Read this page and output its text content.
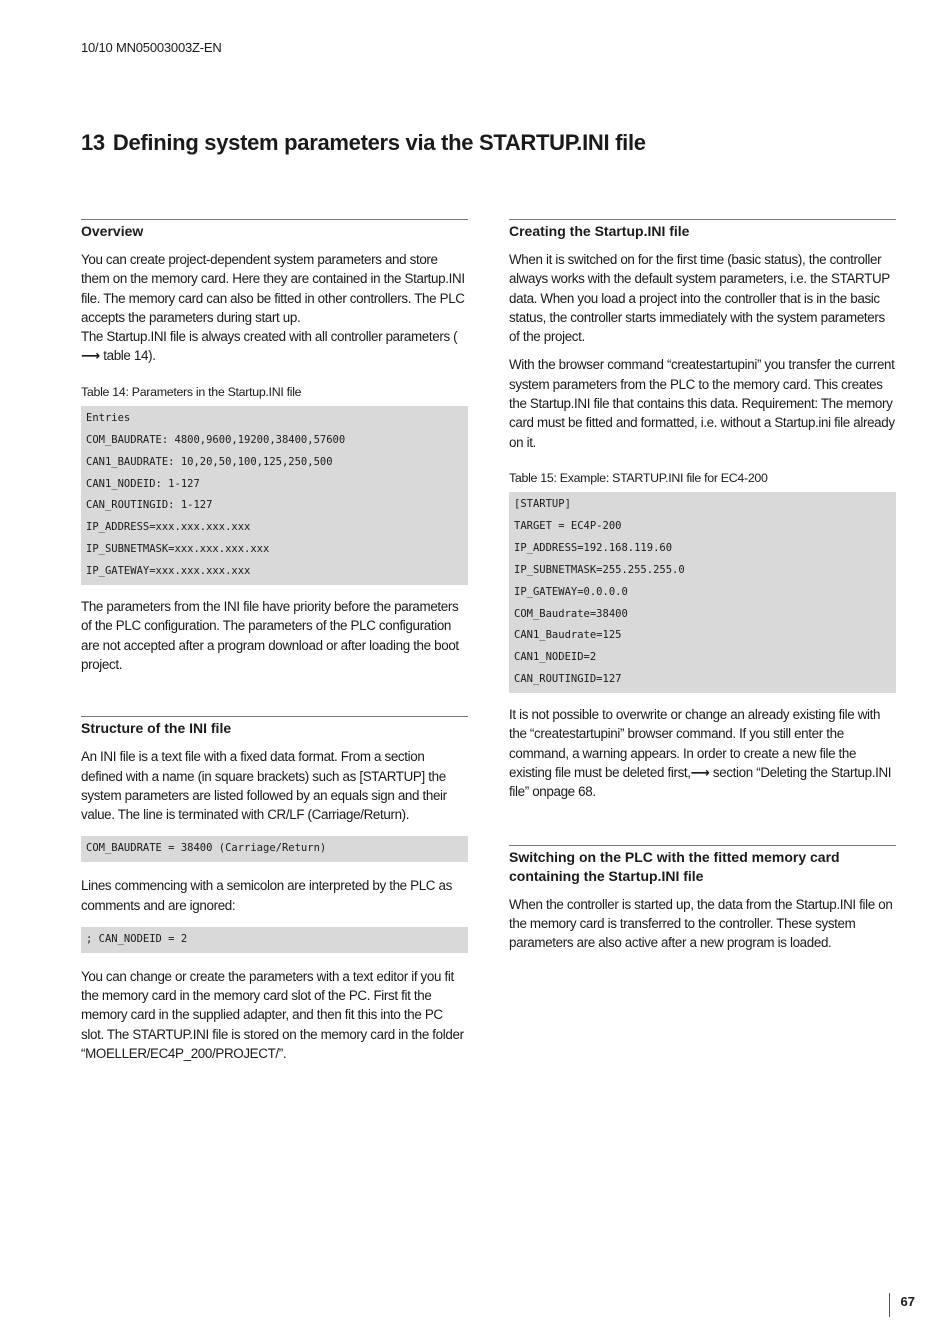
10/10 MN05003003Z-EN
13 Defining system parameters via the STARTUP.INI file
Overview

You can create project-dependent system parameters and store them on the memory card. Here they are contained in the Startup.INI file. The memory card can also be fitted in other controllers. The PLC accepts the parameters during start up.

The Startup.INI file is always created with all controller parameters (⟶ table 14).

Table 14: Parameters in the Startup.INI file
Entries
COM_BAUDRATE: 4800,9600,19200,38400,57600
CAN1_BAUDRATE: 10,20,50,100,125,250,500
CAN1_NODEID: 1-127
CAN_ROUTINGID: 1-127
IP_ADDRESS=xxx.xxx.xxx.xxx
IP_SUBNETMASK=xxx.xxx.xxx.xxx
IP_GATEWAY=xxx.xxx.xxx.xxx

The parameters from the INI file have priority before the parameters of the PLC configuration. The parameters of the PLC configuration are not accepted after a program download or after loading the boot project.

Structure of the INI file

An INI file is a text file with a fixed data format. From a section defined with a name (in square brackets) such as [STARTUP] the system parameters are listed followed by an equals sign and their value. The line is terminated with CR/LF (Carriage/Return).

COM_BAUDRATE = 38400 (Carriage/Return)

Lines commencing with a semicolon are interpreted by the PLC as comments and are ignored:

; CAN_NODEID = 2

You can change or create the parameters with a text editor if you fit the memory card in the memory card slot of the PC. First fit the memory card in the supplied adapter, and then fit this into the PC slot. The STARTUP.INI file is stored on the memory card in the folder “MOELLER/EC4P_200/PROJECT/”.

Creating the Startup.INI file

When it is switched on for the first time (basic status), the controller always works with the default system parameters, i.e. the STARTUP data. When you load a project into the controller that is in the basic status, the controller starts immediately with the system parameters of the project.

With the browser command “createstartupini” you transfer the current system parameters from the PLC to the memory card. This creates the Startup.INI file that contains this data. Requirement: The memory card must be fitted and formatted, i.e. without a Startup.ini file already on it.

Table 15: Example: STARTUP.INI file for EC4-200
[STARTUP]
TARGET = EC4P-200
IP_ADDRESS=192.168.119.60
IP_SUBNETMASK=255.255.255.0
IP_GATEWAY=0.0.0.0
COM_Baudrate=38400
CAN1_Baudrate=125
CAN1_NODEID=2
CAN_ROUTINGID=127

It is not possible to overwrite or change an already existing file with the “createstartupini” browser command. If you still enter the command, a warning appears. In order to create a new file the existing file must be deleted first,⟶ section “Deleting the Startup.INI file” onpage 68.

Switching on the PLC with the fitted memory card containing the Startup.INI file

When the controller is started up, the data from the Startup.INI file on the memory card is transferred to the controller. These system parameters are also active after a new program is loaded.

67
